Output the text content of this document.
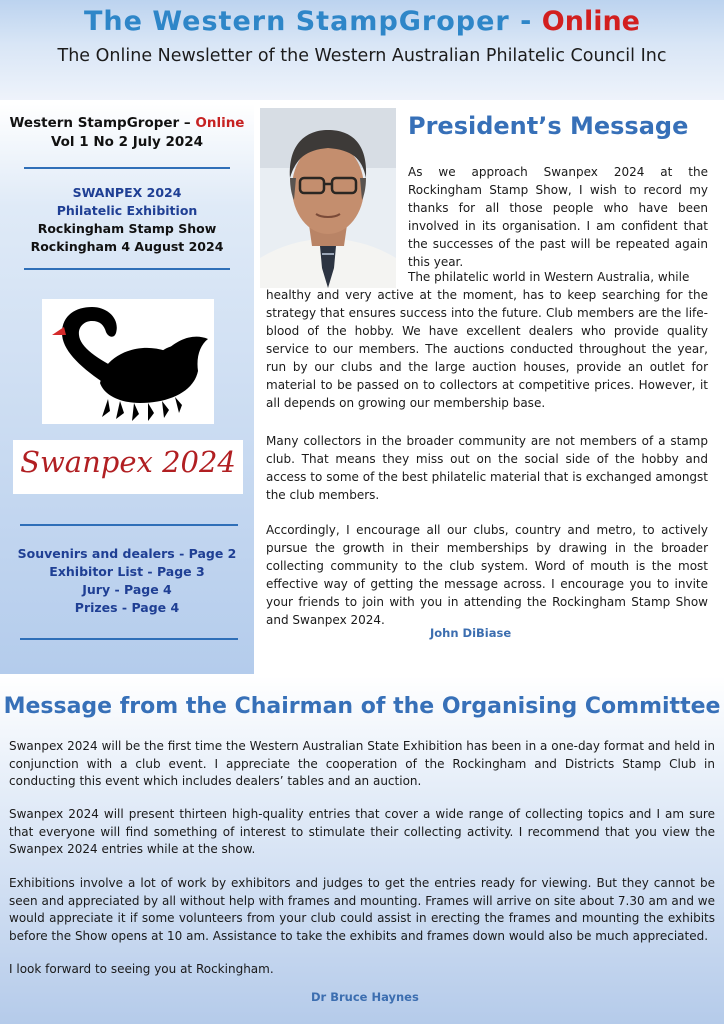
The Western StampGroper - Online
The Online Newsletter of the Western Australian Philatelic Council Inc
Western StampGroper – Online
Vol 1 No 2 July 2024
SWANPEX 2024
Philatelic Exhibition
Rockingham Stamp Show
Rockingham 4 August 2024
Swanpex 2024
Souvenirs and dealers - Page 2
Exhibitor List - Page 3
Jury - Page 4
Prizes - Page 4
President’s Message

As we approach Swanpex 2024 at the Rockingham Stamp Show, I wish to record my thanks for all those people who have been involved in its organisation. I am confident that the successes of the past will be repeated again this year.

The philatelic world in Western Australia, while

healthy and very active at the moment, has to keep searching for the strategy that ensures success into the future. Club members are the life-blood of the hobby. We have excellent dealers who provide quality service to our members. The auctions conducted throughout the year, run by our clubs and the large auction houses, provide an outlet for material to be passed on to collectors at competitive prices. However, it all depends on growing our membership base.

Many collectors in the broader community are not members of a stamp club. That means they miss out on the social side of the hobby and access to some of the best philatelic material that is exchanged amongst the club members.

Accordingly, I encourage all our clubs, country and metro, to actively pursue the growth in their memberships by drawing in the broader collecting community to the club system. Word of mouth is the most effective way of getting the message across. I encourage you to invite your friends to join with you in attending the Rockingham Stamp Show and Swanpex 2024.

John DiBiase
Message from the Chairman of the Organising Committee

Swanpex 2024 will be the first time the Western Australian State Exhibition has been in a one-day format and held in conjunction with a club event. I appreciate the cooperation of the Rockingham and Districts Stamp Club in conducting this event which includes dealers’ tables and an auction.

Swanpex 2024 will present thirteen high-quality entries that cover a wide range of collecting topics and I am sure that everyone will find something of interest to stimulate their collecting activity. I recommend that you view the Swanpex 2024 entries while at the show.

Exhibitions involve a lot of work by exhibitors and judges to get the entries ready for viewing. But they cannot be seen and appreciated by all without help with frames and mounting. Frames will arrive on site about 7.30 am and we would appreciate it if some volunteers from your club could assist in erecting the frames and mounting the exhibits before the Show opens at 10 am. Assistance to take the exhibits and frames down would also be much appreciated.

I look forward to seeing you at Rockingham.

Dr Bruce Haynes
